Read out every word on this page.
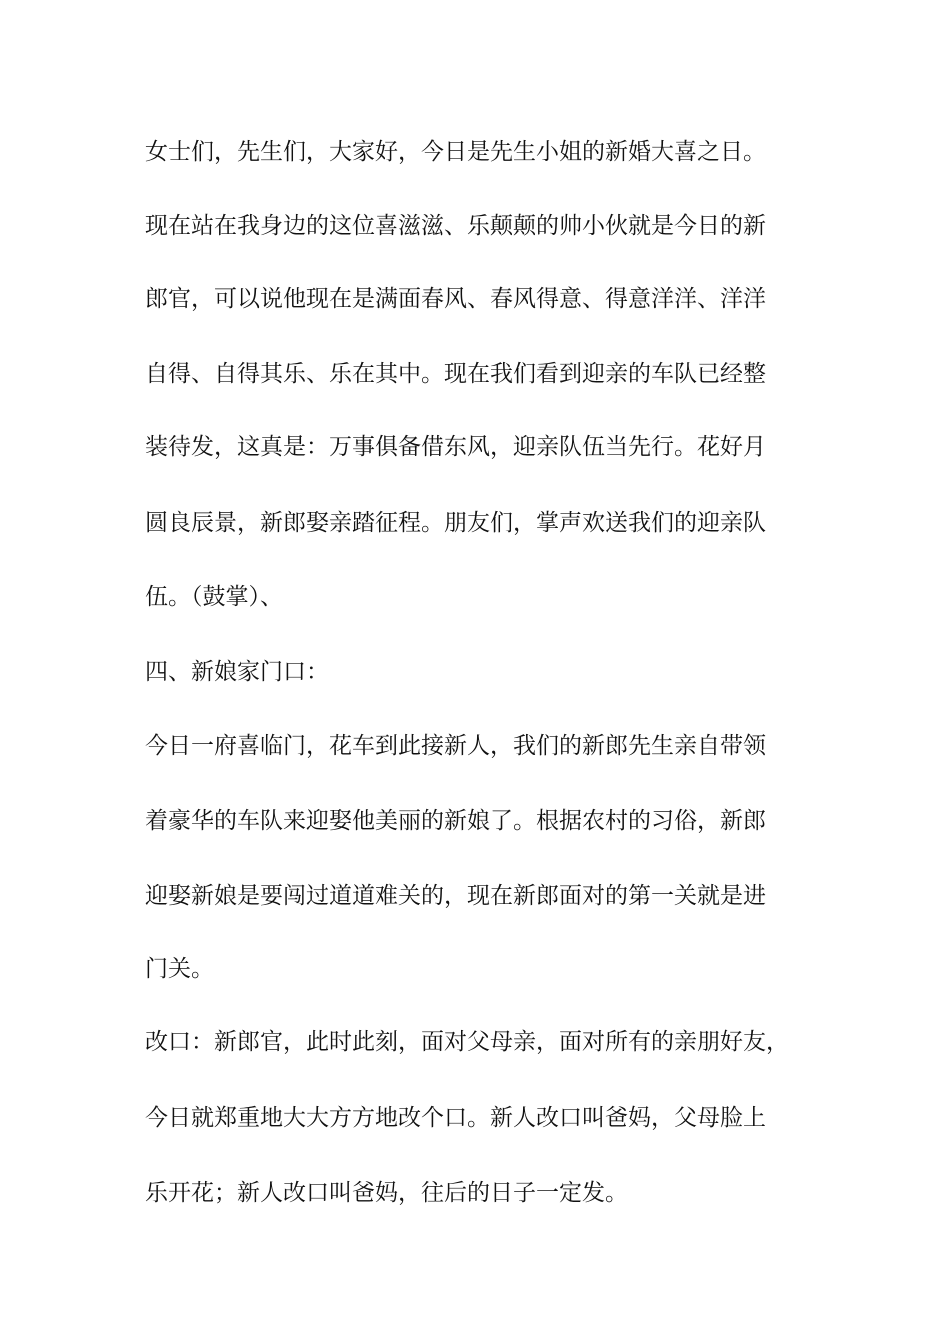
女士们，先生们，大家好，今日是先生小姐的新婚大喜之日。
现在站在我身边的这位喜滋滋、乐颠颠的帅小伙就是今日的新
郎官，可以说他现在是满面春风、春风得意、得意洋洋、洋洋
自得、自得其乐、乐在其中。现在我们看到迎亲的车队已经整
装待发，这真是：万事俱备借东风，迎亲队伍当先行。花好月
圆良辰景，新郎娶亲踏征程。朋友们，掌声欢送我们的迎亲队
伍。（鼓掌）、
四、新娘家门口：
今日一府喜临门，花车到此接新人，我们的新郎先生亲自带领
着豪华的车队来迎娶他美丽的新娘了。根据农村的习俗，新郎
迎娶新娘是要闯过道道难关的，现在新郎面对的第一关就是进
门关。
改口：新郎官，此时此刻，面对父母亲，面对所有的亲朋好友，
今日就郑重地大大方方地改个口。新人改口叫爸妈，父母脸上
乐开花；新人改口叫爸妈，往后的日子一定发。
